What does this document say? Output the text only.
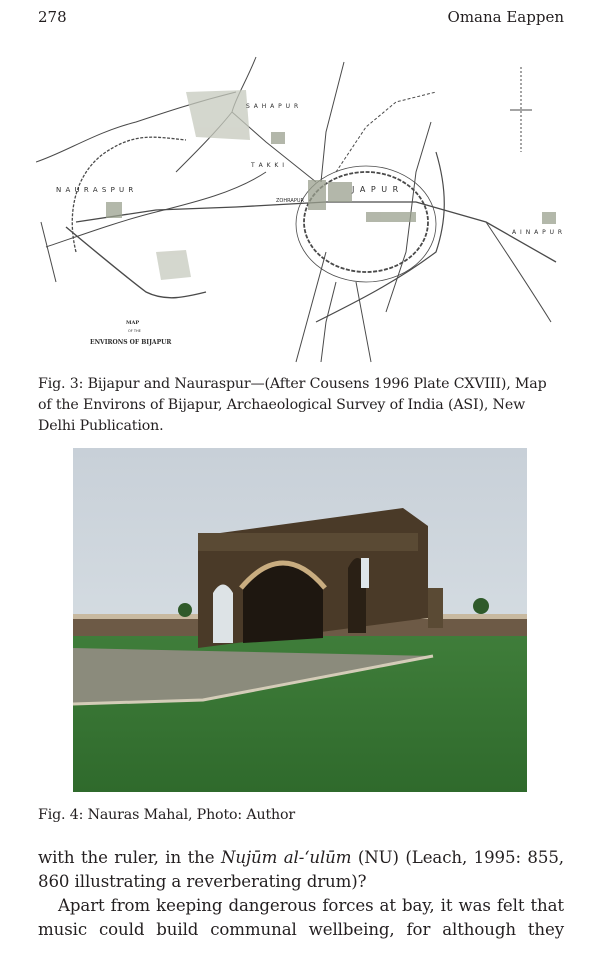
278	Omana Eappen
N A U R A S P U R	J A P U R
S A H A P U R
T A K K I
ZOHRAPUR
A I N A P U R
MAP
OF THE
ENVIRONS OF BIJAPUR
Fig. 3: Bijapur and Nauraspur—(After Cousens 1996 Plate CXVIII), Map of the Environs of Bijapur, Archaeological Survey of India (ASI), New Delhi Publication.
Fig. 4: Nauras Mahal, Photo: Author

with the ruler, in the Nujūm al-‘ulūm (NU) (Leach, 1995: 855, 860 illustrating a reverberating drum)?

Apart from keeping dangerous forces at bay, it was felt that music could build communal wellbeing, for although they
